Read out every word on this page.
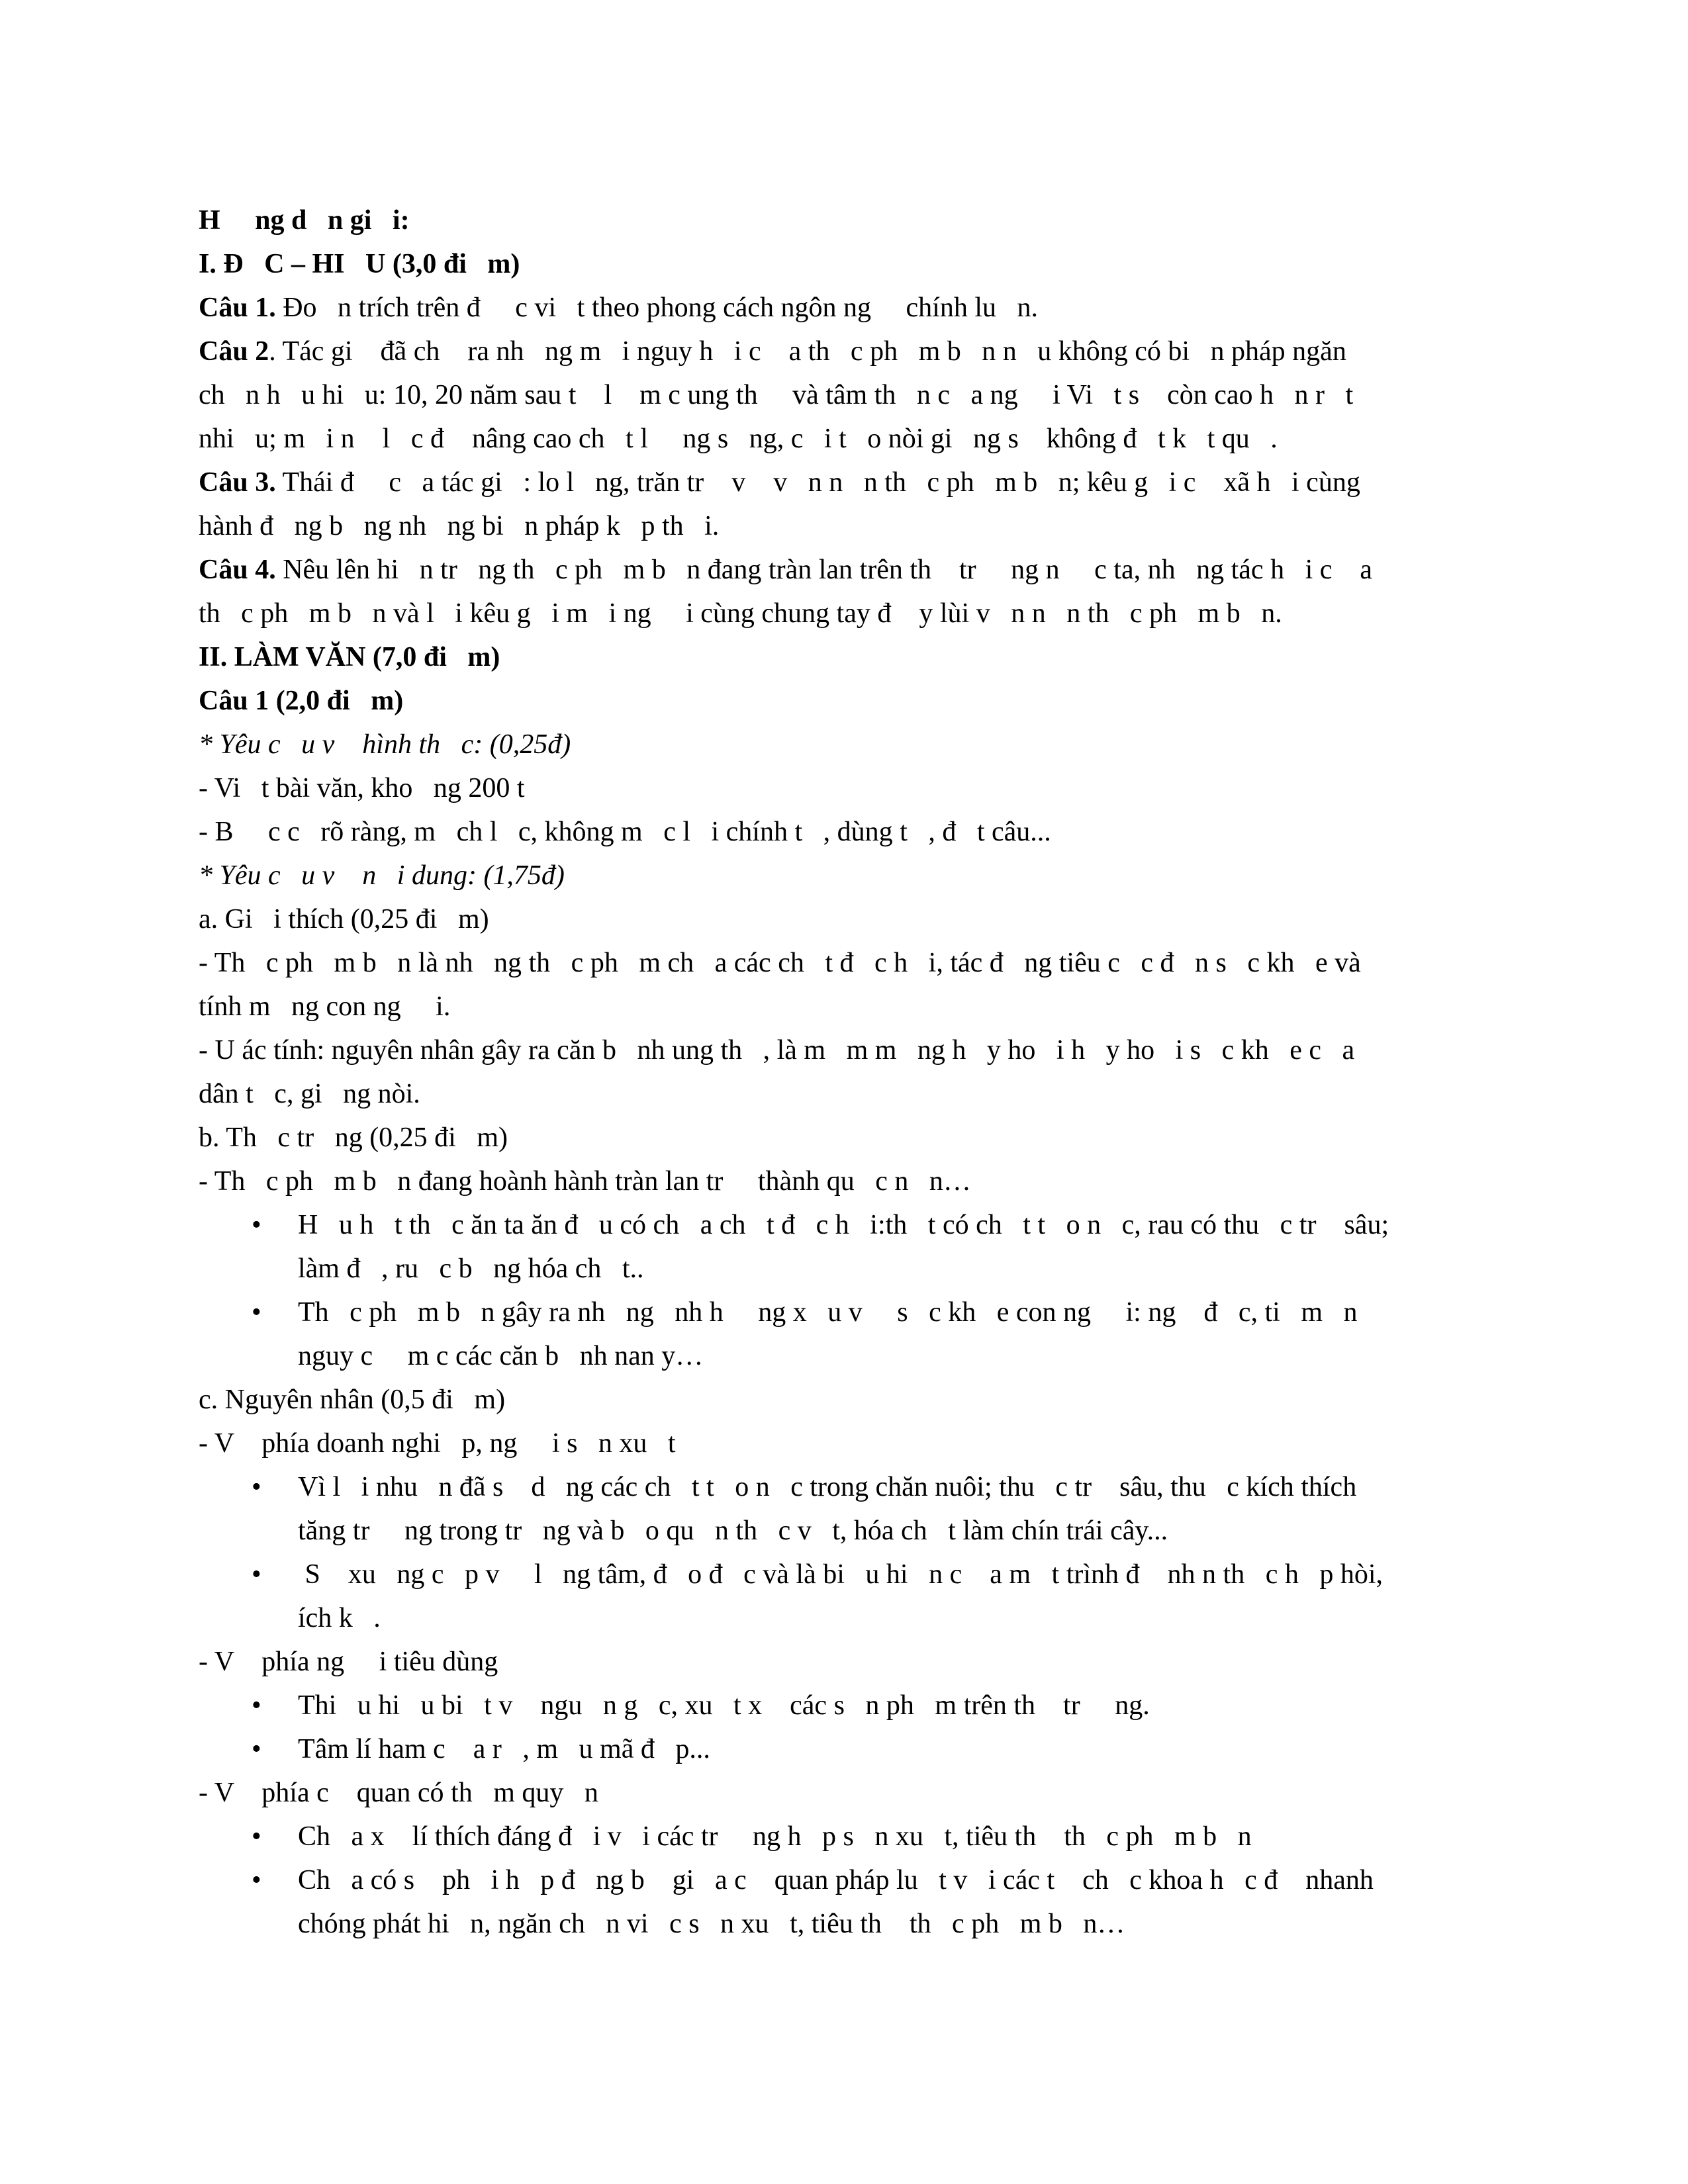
H     ng d   n gi   i:
I. Đ   C – HI   U (3,0 đi   m)
Câu 1. Đo   n trích trên đ     c vi   t theo phong cách ngôn ng     chính lu   n.
Câu 2. Tác gi    đã ch    ra nh   ng m   i nguy h   i c    a th   c ph   m b   n n   u không có bi   n pháp ngăn
ch   n h   u hi   u: 10, 20 năm sau t    l    m c ung th     và tâm th   n c   a ng     i Vi   t s    còn cao h   n r   t
nhi   u; m   i n    l   c đ    nâng cao ch   t l     ng s   ng, c   i t   o nòi gi   ng s    không đ   t k   t qu   .
Câu 3. Thái đ     c   a tác gi   : lo l   ng, trăn tr    v    v   n n   n th   c ph   m b   n; kêu g   i c    xã h   i cùng
hành đ   ng b   ng nh   ng bi   n pháp k   p th   i.
Câu 4. Nêu lên hi   n tr   ng th   c ph   m b   n đang tràn lan trên th    tr     ng n     c ta, nh   ng tác h   i c    a
th   c ph   m b   n và l   i kêu g   i m   i ng     i cùng chung tay đ    y lùi v   n n   n th   c ph   m b   n.
II. LÀM VĂN (7,0 đi   m)
Câu 1 (2,0 đi   m)
* Yêu c   u v    hình th   c: (0,25đ)
- Vi   t bài văn, kho   ng 200 t
- B     c c   rõ ràng, m   ch l   c, không m   c l   i chính t   , dùng t   , đ   t câu...
* Yêu c   u v    n   i dung: (1,75đ)
a. Gi   i thích (0,25 đi   m)
- Th   c ph   m b   n là nh   ng th   c ph   m ch   a các ch   t đ   c h   i, tác đ   ng tiêu c   c đ   n s   c kh   e và
tính m   ng con ng     i.
- U ác tính: nguyên nhân gây ra căn b   nh ung th   , là m   m m   ng h   y ho   i h   y ho   i s   c kh   e c   a
dân t   c, gi   ng nòi.
b. Th   c tr   ng (0,25 đi   m)
- Th   c ph   m b   n đang hoành hành tràn lan tr     thành qu   c n   n…
• H   u h   t th   c ăn ta ăn đ   u có ch   a ch   t đ   c h   i:th   t có ch   t t   o n   c, rau có thu   c tr    sâu;
làm đ   , ru   c b   ng hóa ch   t..
• Th   c ph   m b   n gây ra nh   ng   nh h     ng x   u v     s   c kh   e con ng     i: ng    đ   c, ti   m   n
nguy c     m c các căn b   nh nan y…
c. Nguyên nhân (0,5 đi   m)
- V    phía doanh nghi   p, ng     i s   n xu   t
• Vì l   i nhu   n đã s    d   ng các ch   t t   o n   c trong chăn nuôi; thu   c tr    sâu, thu   c kích thích
tăng tr     ng trong tr   ng và b   o qu   n th   c v   t, hóa ch   t làm chín trái cây...
•  S    xu   ng c   p v     l   ng tâm, đ   o đ   c và là bi   u hi   n c    a m   t trình đ    nh n th   c h   p hòi,
ích k   .
- V    phía ng     i tiêu dùng
• Thi   u hi   u bi   t v    ngu   n g   c, xu   t x    các s   n ph   m trên th    tr     ng.
• Tâm lí ham c    a r   , m   u mã đ   p...
- V    phía c    quan có th   m quy   n
• Ch   a x    lí thích đáng đ   i v   i các tr     ng h   p s   n xu   t, tiêu th    th   c ph   m b   n
• Ch   a có s    ph   i h   p đ   ng b    gi   a c    quan pháp lu   t v   i các t    ch   c khoa h   c đ    nhanh
chóng phát hi   n, ngăn ch   n vi   c s   n xu   t, tiêu th    th   c ph   m b   n…
